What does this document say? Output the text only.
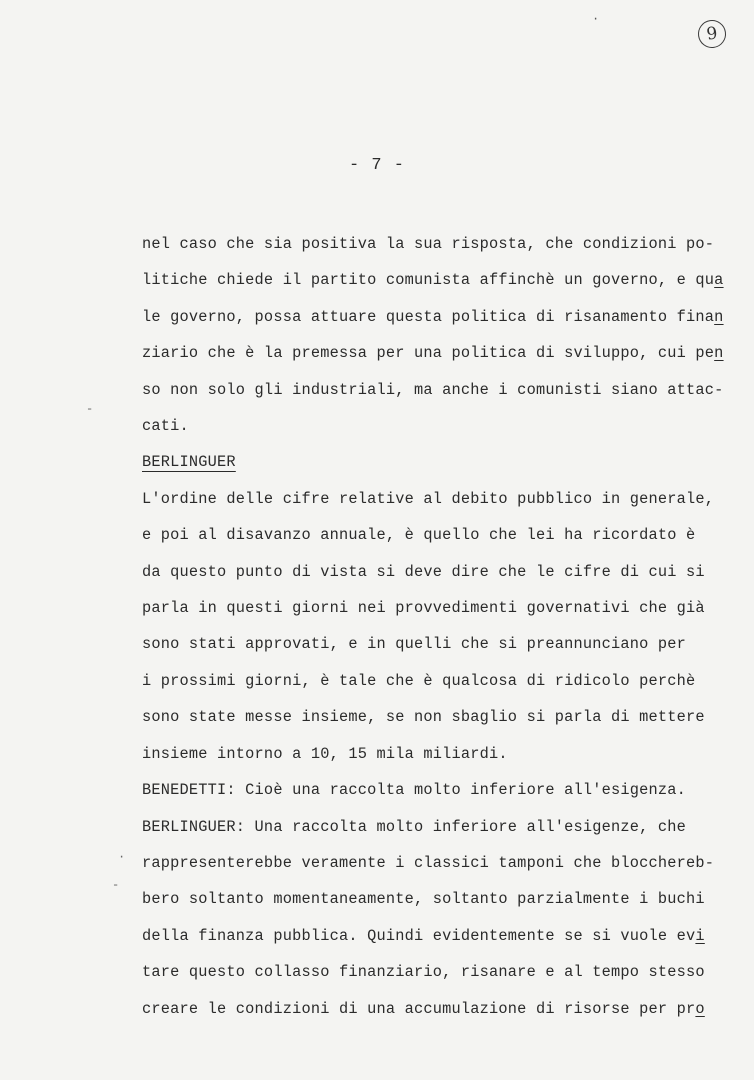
9
·
- 7 -
nel caso che sia positiva la sua risposta, che condizioni po-
litiche chiede il partito comunista affinchè un governo, e qua
le governo, possa attuare questa politica di risanamento finan
ziario che è la premessa per una politica di sviluppo, cui pen
so non solo gli industriali, ma anche i comunisti siano attac-
cati.
BERLINGUER
L'ordine delle cifre relative al debito pubblico in generale,
e poi al disavanzo annuale, è quello che lei ha ricordato è
da questo punto di vista si deve dire che le cifre di cui si
parla in questi giorni nei provvedimenti governativi che già
sono stati approvati, e in quelli che si preannunciano per
i prossimi giorni, è tale che è qualcosa di ridicolo perchè
sono state messe insieme, se non sbaglio si parla di mettere
insieme intorno a 10, 15 mila miliardi.
BENEDETTI: Cioè una raccolta molto inferiore all'esigenza.
BERLINGUER: Una raccolta molto inferiore all'esigenze, che
rappresenterebbe veramente i classici tamponi che blocchereb-
bero soltanto momentaneamente, soltanto parzialmente i buchi
della finanza pubblica. Quindi evidentemente se si vuole evi
tare questo collasso finanziario, risanare e al tempo stesso
creare le condizioni di una accumulazione di risorse per pro
-
·
-
